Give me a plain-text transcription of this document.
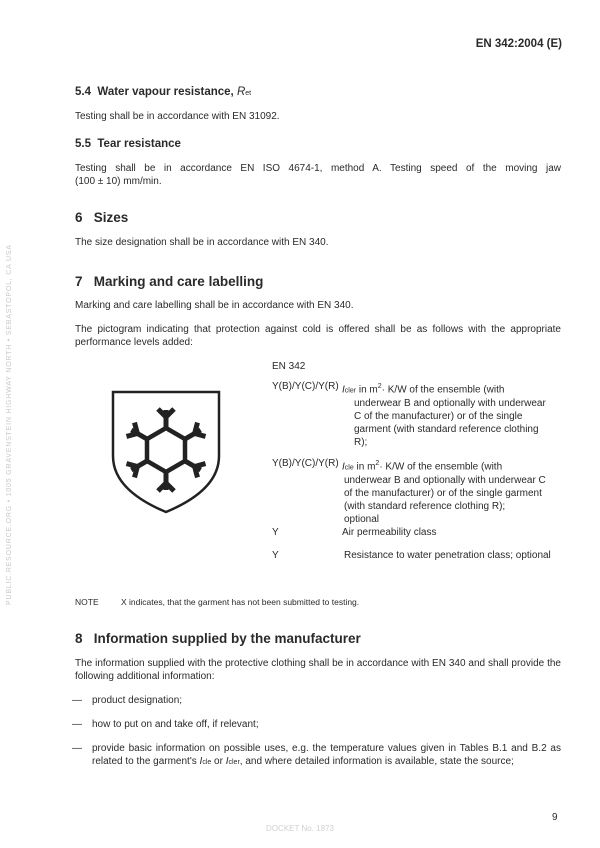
EN 342:2004 (E)
PUBLIC.RESOURCE.ORG • 1005 GRAVENSTEIN HIGHWAY NORTH • SEBASTOPOL, CA USA
5.4 Water vapour resistance, Ret
Testing shall be in accordance with EN 31092.
5.5 Tear resistance
Testing shall be in accordance EN ISO 4674-1, method A. Testing speed of the moving jaw
(100 ± 10) mm/min.
6 Sizes
The size designation shall be in accordance with EN 340.
7 Marking and care labelling
Marking and care labelling shall be in accordance with EN 340.
The pictogram indicating that protection against cold is offered shall be as follows with the appropriate
performance levels added:
EN 342
Y(B)/Y(C)/Y(R) Icler in $m^2\cdot K/W$ of the ensemble (with
underwear B and optionally with underwear
C of the manufacturer) or of the single
garment (with standard reference clothing
R);
Y(B)/Y(C)/Y(R) Icle in $m^2\cdot K/W$ of the ensemble (with
underwear B and optionally with underwear C
of the manufacturer) or of the single garment
(with standard reference clothing R);
optional
Y	Air permeability class
Y	Resistance to water penetration class; optional
NOTE	X indicates, that the garment has not been submitted to testing.
8 Information supplied by the manufacturer
The information supplied with the protective clothing shall be in accordance with EN 340 and shall provide the
following additional information:
— product designation;
— how to put on and take off, if relevant;
— provide basic information on possible uses, e.g. the temperature values given in Tables B.1 and B.2 as
related to the garment's Icle or Icler, and where detailed information is available, state the source;
9
DOCKET No. 1873
